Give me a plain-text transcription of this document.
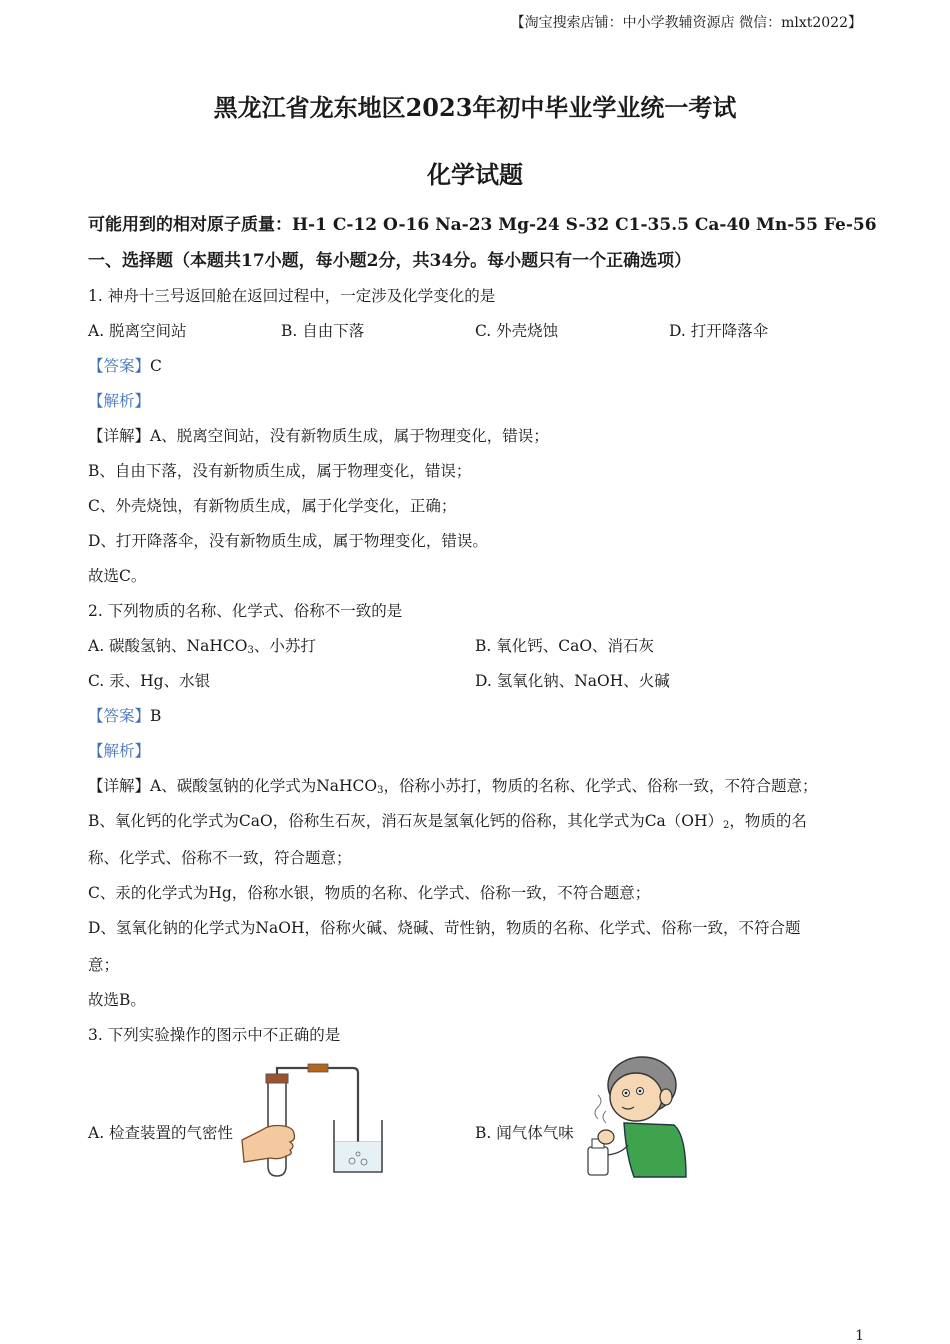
【淘宝搜索店铺：中小学教辅资源店 微信：mlxt2022】
黑龙江省龙东地区2023年初中毕业学业统一考试
化学试题
可能用到的相对原子质量：H-1 C-12 O-16 Na-23 Mg-24 S-32 C1-35.5 Ca-40 Mn-55 Fe-56
一、选择题（本题共17小题，每小题2分，共34分。每小题只有一个正确选项）
1. 神舟十三号返回舱在返回过程中，一定涉及化学变化的是
A. 脱离空间站	B. 自由下落	C. 外壳烧蚀	D. 打开降落伞
【答案】C
【解析】
【详解】A、脱离空间站，没有新物质生成，属于物理变化，错误；
B、自由下落，没有新物质生成，属于物理变化，错误；
C、外壳烧蚀，有新物质生成，属于化学变化，正确；
D、打开降落伞，没有新物质生成，属于物理变化，错误。
故选C。
2. 下列物质的名称、化学式、俗称不一致的是
A. 碳酸氢钠、NaHCO$_3$、小苏打	B. 氧化钙、CaO、消石灰
C. 汞、Hg、水银	D. 氢氧化钠、NaOH、火碱
【答案】B
【解析】
【详解】A、碳酸氢钠的化学式为NaHCO$_3$，俗称小苏打，物质的名称、化学式、俗称一致，不符合题意；
B、氧化钙的化学式为CaO，俗称生石灰，消石灰是氢氧化钙的俗称，其化学式为$Ca(OH)_2$，物质的名
称、化学式、俗称不一致，符合题意；
C、汞的化学式为Hg，俗称水银，物质的名称、化学式、俗称一致，不符合题意；
D、氢氧化钠的化学式为NaOH，俗称火碱、烧碱、苛性钠，物质的名称、化学式、俗称一致，不符合题
意；
故选B。
3. 下列实验操作的图示中不正确的是
A. 检查装置的气密性	B. 闻气体气味
1
